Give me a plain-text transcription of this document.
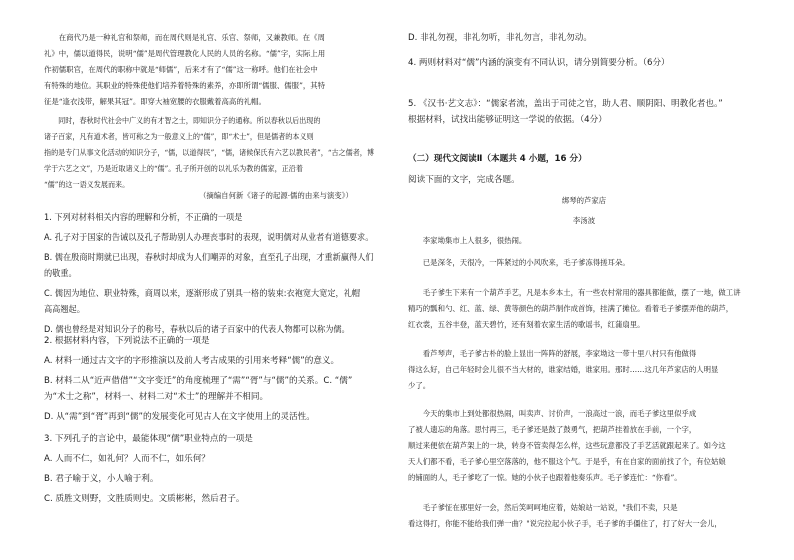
　　在商代乃是一种礼官和祭师，而在周代则是礼官、乐官、祭师，又兼教师。在《周
礼》中，儒以道得民，说明“儒”是周代管理教化人民的人员的名称。“儒”字，实际上用
作初儒职官，在周代的职称中就是“师儒”，后来才有了“儒”这一称呼。他们在社会中
有特殊的地位。其职业的特殊使他们培养着特殊的素养，亦即所谓“儒服、儒服”，其特
征是“逢衣浅带，解果其冠”。即穿大袖宽腰的衣服戴着高高的礼帽。
　　同时，春秋时代社会中广义的有才智之士，即知识分子的通称。所以春秋以后出现的
诸子百家，凡有道术者，皆可称之为一般意义上的“儒”，即“术士”，但是儒者的本义则
指的是专门从事文化活动的知识分子，“儒，以道得民”，“儒，诸候保氏有六艺以教民者”，“古之儒者，博
学于六艺之文”，乃是近取诸义上的“儒”。孔子所开创的以礼乐为教的儒家，正沿着
“儒”的这一语义发展而来。
（摘编自何新《诸子的起源·儒的由来与演变》）
1. 下列对材料相关内容的理解和分析，不正确的一项是
A. 孔子对于国家的告诫以及孔子帮助别人办理丧事时的表现，说明儒对从业者有道德要求。
B. 儒在殷商时期就已出现，春秋时却成为人们嘲弄的对象，直至孔子出现，才重新赢得人们
的敬重。
C. 儒因为地位、职业特殊，商周以来，逐渐形成了别具一格的装束:衣袍宽大宽定，礼帽
高高翘起。
D. 儒也曾经是对知识分子的称号，春秋以后的诸子百家中的代表人物都可以称为儒。
2. 根据材料内容，下列说法不正确的一项是
A. 材料一通过古文字的字形推演以及前人考古成果的引用来考释“儒”的意义。
B. 材料二从“近声借借”“文字变迁”的角度梳理了“需”“胥”与“儒”的关系。C. “儒”
为“术士之称”，材料一、材料二对“术士”的理解并不相同。
D. 从“需”到“胥”再到“儒”的发展变化可见古人在文字使用上的灵活性。
3. 下列孔子的言论中，最能体现“儒”职业特点的一项是
A. 人而不仁，如礼何？人而不仁，如乐何？
B. 君子喻于义，小人喻于利。
C. 质胜文则野，文胜质则史。文质彬彬，然后君子。
D. 非礼勿视，非礼勿听，非礼勿言，非礼勿动。
4. 两则材料对“儒”内涵的演变有不同认识，请分别简要分析。（6分）
5. 《汉书·艺文志》：“儒家者流，盖出于司徒之官，助人君、顺阴阳、明教化者也。”
根据材料，试找出能够证明这一学说的依据。（4分）
（二）现代文阅读Ⅱ（本题共 4 小题，16 分）
阅读下面的文字，完成各题。
绑琴的芦家店
李汤波
　　李家坳集市上人很多，很热闹。
　　已是深冬，天很冷，一阵紧过的小风吹来，毛子爹冻得搓耳朵。
　　毛子爹生下来有一个葫芦手艺，凡是本乡本土，有一些农村常用的器具都能做，摆了一地，做工讲
精巧的瓢和勺、红、蓝、绿、黄等颜色的葫芦制作成首饰，挂满了摊位。看着毛子爹摆弄他的葫芦，
红衣裳，五谷丰登，蓝天碧竹，还有刻着农家生活的歌谣书，红蒲扇里。
　　看芦琴声，毛子爹古朴的脸上显出一阵阵的舒展，李家坳这一带十里八村只有他做得
得这么好，自己年轻时会儿很不当大材的，谁家结婚，谁家用。那时……这几年芦家店的人明显
少了。
　　今天的集市上到处都很热闹，叫卖声、讨价声，一浪高过一浪，而毛子爹这里似乎成
了被人遗忘的角落。思忖再三，毛子爹还是鼓了鼓勇气，把葫芦挂着放在手前，一个字，
顺过来便依在葫芦架上的一块，转身不管卖得怎么样，这些玩意都没了手艺活就跟起来了。如今这
天人们都不看，毛子爹心里空落落的，他不服这个气。于是乎，有在自家的面前找了个，有位姑娘
的铺面的人，毛子爹吃了一惊。她的小伙子也跟着他奏乐声。毛子爹连忙：“你看”。
　　毛子爹怔在那里好一会，然后笑呵呵地应着，姑娘站一站说，"我们不卖，只是
看这得打，你能不能给我们弹一曲？"说完拉起小伙子手，毛子爹的手僵住了，打了好大一会儿，
